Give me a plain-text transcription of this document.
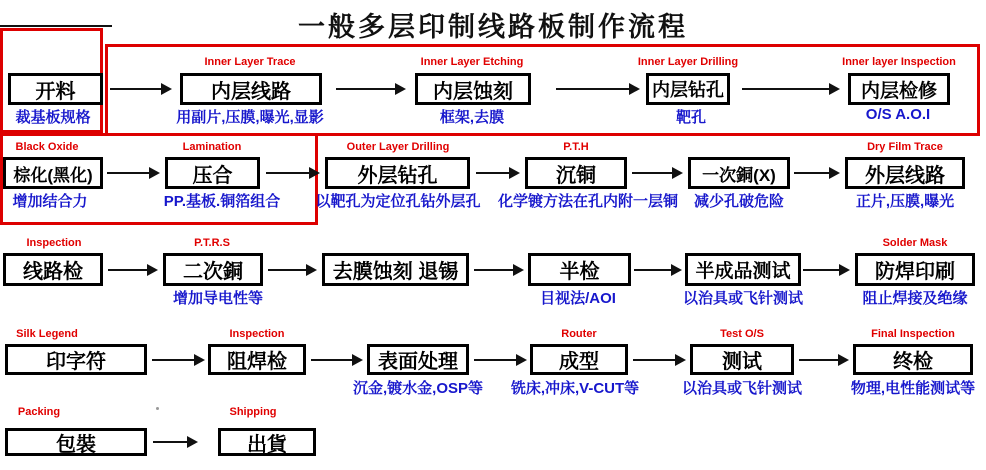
一般多层印制线路板制作流程
开料
裁基板规格
Inner Layer Trace
内层线路
用副片,压膜,曝光,显影
Inner Layer Etching
内层蚀刻
框架,去膜
Inner Layer Drilling
内层钻孔
靶孔
Inner layer Inspection
内层检修
O/S A.O.I
Black Oxide
棕化(黑化)
增加结合力
Lamination
压合
PP.基板.铜箔组合
Outer Layer Drilling
外层钻孔
以靶孔为定位孔钻外层孔
P.T.H
沉铜
化学镀方法在孔内附一层铜
一次銅(X)
减少孔破危险
Dry Film Trace
外层线路
正片,压膜,曝光
Inspection
线路检
P.T.R.S
二次銅
增加导电性等
去膜蚀刻 退锡	半检
目视法/AOI
半成品测试
以治具或飞针测试
Solder Mask
防焊印刷
阻止焊接及绝缘
Silk Legend
印字符
Inspection
阻焊检	表面处理
沉金,镀水金,OSP等
Router
成型
铣床,冲床,V-CUT等
Test O/S
测试
以治具或飞针测试
Final Inspection
终检
物理,电性能测试等
Packing
包裝
Shipping
出貨
